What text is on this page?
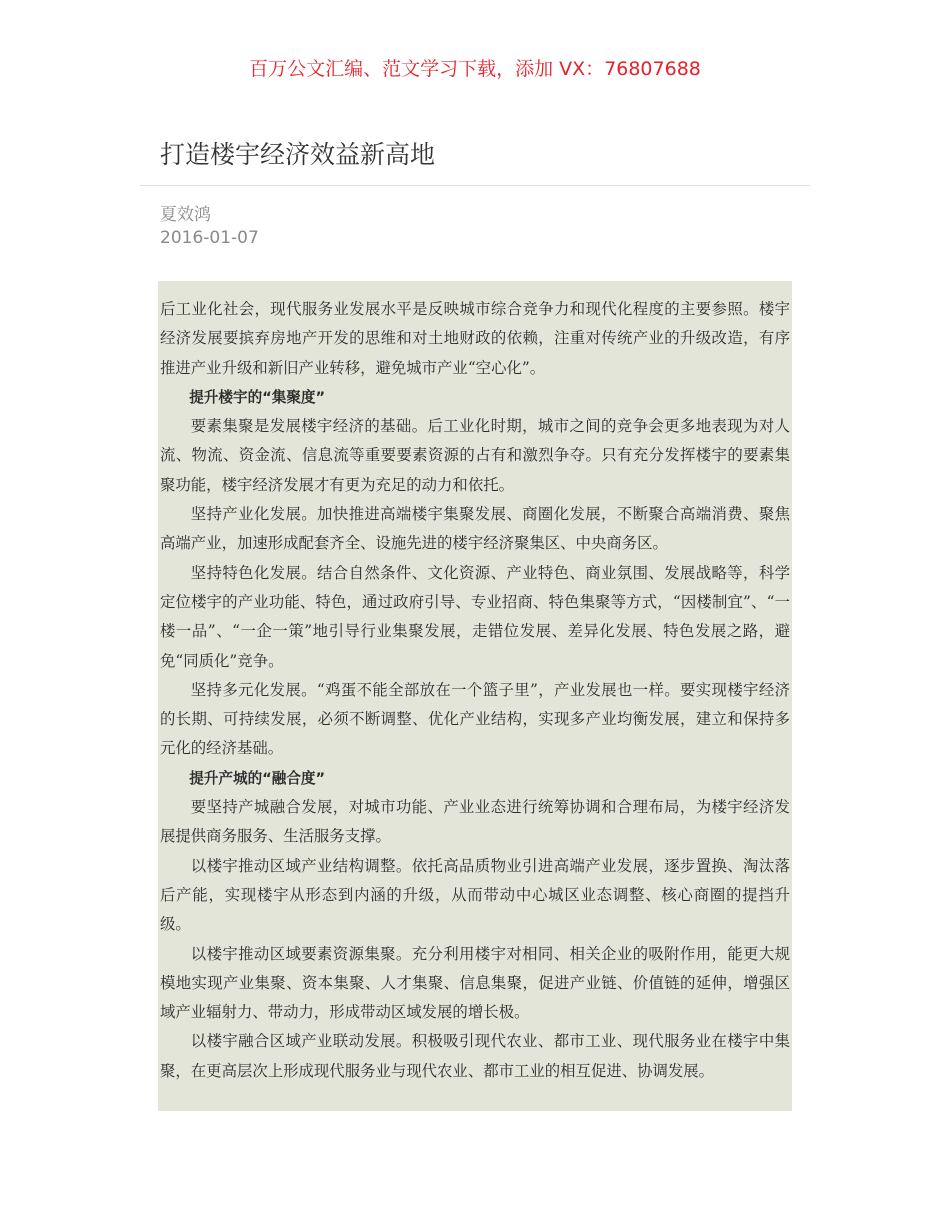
百万公文汇编、范文学习下载，添加 VX：76807688
打造楼宇经济效益新高地
夏效鸿
2016-01-07

后工业化社会，现代服务业发展水平是反映城市综合竞争力和现代化程度的主要参照。楼宇经济发展要摈弃房地产开发的思维和对土地财政的依赖，注重对传统产业的升级改造，有序推进产业升级和新旧产业转移，避免城市产业“空心化”。

提升楼宇的“集聚度”

要素集聚是发展楼宇经济的基础。后工业化时期，城市之间的竞争会更多地表现为对人流、物流、资金流、信息流等重要要素资源的占有和激烈争夺。只有充分发挥楼宇的要素集聚功能，楼宇经济发展才有更为充足的动力和依托。

坚持产业化发展。加快推进高端楼宇集聚发展、商圈化发展，不断聚合高端消费、聚焦高端产业，加速形成配套齐全、设施先进的楼宇经济聚集区、中央商务区。

坚持特色化发展。结合自然条件、文化资源、产业特色、商业氛围、发展战略等，科学定位楼宇的产业功能、特色，通过政府引导、专业招商、特色集聚等方式，“因楼制宜”、“一楼一品”、“一企一策”地引导行业集聚发展，走错位发展、差异化发展、特色发展之路，避免“同质化”竞争。

坚持多元化发展。“鸡蛋不能全部放在一个篮子里”，产业发展也一样。要实现楼宇经济的长期、可持续发展，必须不断调整、优化产业结构，实现多产业均衡发展，建立和保持多元化的经济基础。

提升产城的“融合度”

要坚持产城融合发展，对城市功能、产业业态进行统筹协调和合理布局，为楼宇经济发展提供商务服务、生活服务支撑。

以楼宇推动区域产业结构调整。依托高品质物业引进高端产业发展，逐步置换、淘汰落后产能，实现楼宇从形态到内涵的升级，从而带动中心城区业态调整、核心商圈的提挡升级。

以楼宇推动区域要素资源集聚。充分利用楼宇对相同、相关企业的吸附作用，能更大规模地实现产业集聚、资本集聚、人才集聚、信息集聚，促进产业链、价值链的延伸，增强区域产业辐射力、带动力，形成带动区域发展的增长极。

以楼宇融合区域产业联动发展。积极吸引现代农业、都市工业、现代服务业在楼宇中集聚，在更高层次上形成现代服务业与现代农业、都市工业的相互促进、协调发展。
